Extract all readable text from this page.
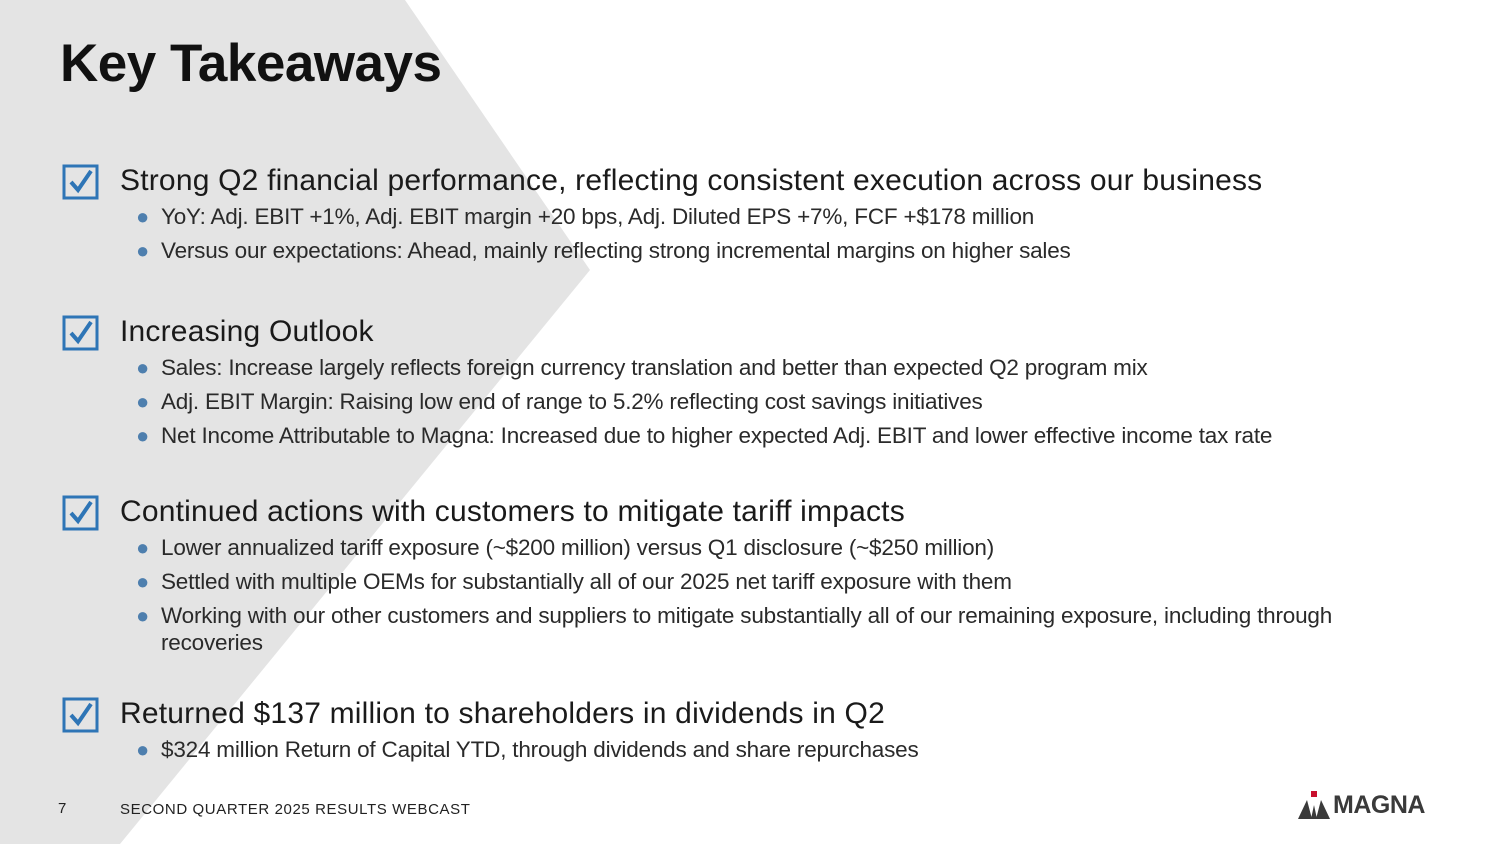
Key Takeaways
Strong Q2 financial performance, reflecting consistent execution across our business
● YoY: Adj. EBIT +1%, Adj. EBIT margin +20 bps, Adj. Diluted EPS +7%, FCF +$178 million
● Versus our expectations: Ahead, mainly reflecting strong incremental margins on higher sales
Increasing Outlook
● Sales: Increase largely reflects foreign currency translation and better than expected Q2 program mix
● Adj. EBIT Margin: Raising low end of range to 5.2% reflecting cost savings initiatives
● Net Income Attributable to Magna: Increased due to higher expected Adj. EBIT and lower effective income tax rate
Continued actions with customers to mitigate tariff impacts
● Lower annualized tariff exposure (~$200 million) versus Q1 disclosure (~$250 million)
● Settled with multiple OEMs for substantially all of our 2025 net tariff exposure with them
● Working with our other customers and suppliers to mitigate substantially all of our remaining exposure, including through recoveries
Returned $137 million to shareholders in dividends in Q2
● $324 million Return of Capital YTD, through dividends and share repurchases
7	SECOND QUARTER 2025 RESULTS WEBCAST	MAGNA
